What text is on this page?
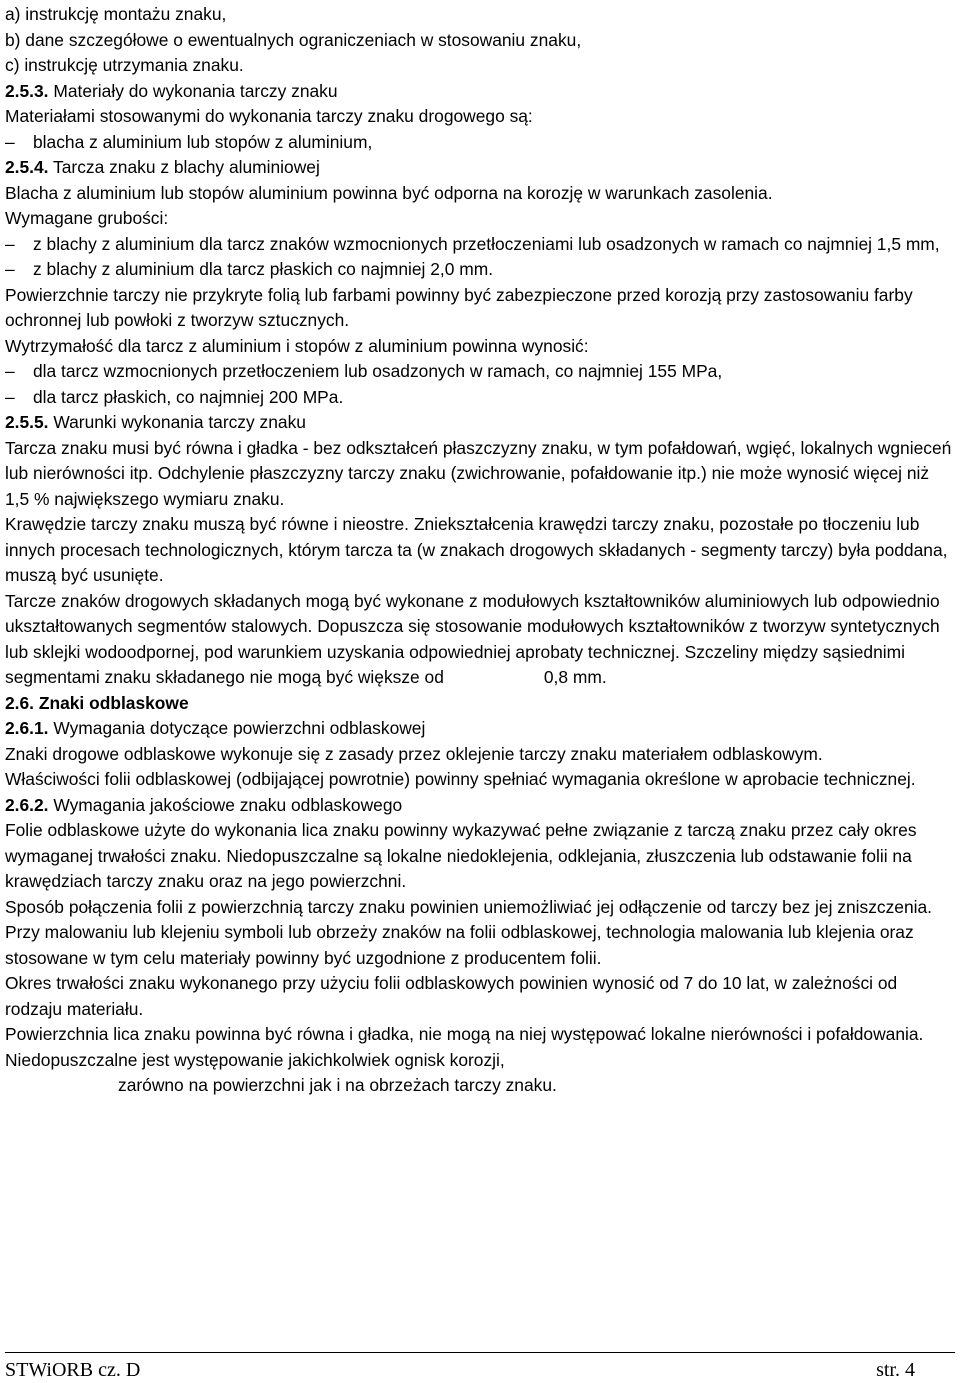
a) instrukcję montażu znaku,

b) dane szczegółowe o ewentualnych ograniczeniach w stosowaniu znaku,

c) instrukcję utrzymania znaku.

2.5.3. Materiały do wykonania tarczy znaku

Materiałami stosowanymi do wykonania tarczy znaku drogowego są:

– blacha z aluminium lub stopów z aluminium,

2.5.4. Tarcza znaku z blachy aluminiowej

Blacha z aluminium lub stopów aluminium powinna być odporna na korozję w warunkach zasolenia.

Wymagane grubości:

– z blachy z aluminium dla tarcz znaków wzmocnionych przetłoczeniami lub osadzonych w ramach co najmniej 1,5 mm,

– z blachy z aluminium dla tarcz płaskich co najmniej 2,0 mm.

Powierzchnie tarczy nie przykryte folią lub farbami powinny być zabezpieczone przed korozją przy zastosowaniu farby ochronnej lub powłoki z tworzyw sztucznych.

Wytrzymałość dla tarcz z aluminium i stopów z aluminium powinna wynosić:

– dla tarcz wzmocnionych przetłoczeniem lub osadzonych w ramach, co najmniej 155 MPa,

– dla tarcz płaskich, co najmniej 200 MPa.

2.5.5. Warunki wykonania tarczy znaku

Tarcza znaku musi być równa i gładka - bez odkształceń płaszczyzny znaku, w tym pofałdowań, wgięć, lokalnych wgnieceń lub nierówności itp. Odchylenie płaszczyzny tarczy znaku (zwichrowanie, pofałdowanie itp.) nie może wynosić więcej niż 1,5 % największego wymiaru znaku.

Krawędzie tarczy znaku muszą być równe i nieostre. Zniekształcenia krawędzi tarczy znaku, pozostałe po tłoczeniu lub innych procesach technologicznych, którym tarcza ta (w znakach drogowych składanych - segmenty tarczy) była poddana, muszą być usunięte.

Tarcze znaków drogowych składanych mogą być wykonane z modułowych kształtowników aluminiowych lub odpowiednio ukształtowanych segmentów stalowych. Dopuszcza się stosowanie modułowych kształtowników z tworzyw syntetycznych lub sklejki wodoodpornej, pod warunkiem uzyskania odpowiedniej aprobaty technicznej. Szczeliny między sąsiednimi segmentami znaku składanego nie mogą być większe od	0,8 mm.

2.6. Znaki odblaskowe

2.6.1. Wymagania dotyczące powierzchni odblaskowej

Znaki drogowe odblaskowe wykonuje się z zasady przez oklejenie tarczy znaku materiałem odblaskowym.

Właściwości folii odblaskowej (odbijającej powrotnie) powinny spełniać wymagania określone w aprobacie technicznej.

2.6.2. Wymagania jakościowe znaku odblaskowego

Folie odblaskowe użyte do wykonania lica znaku powinny wykazywać pełne związanie z tarczą znaku przez cały okres wymaganej trwałości znaku. Niedopuszczalne są lokalne niedoklejenia, odklejania, złuszczenia lub odstawanie folii na krawędziach tarczy znaku oraz na jego powierzchni.

Sposób połączenia folii z powierzchnią tarczy znaku powinien uniemożliwiać jej odłączenie od tarczy bez jej zniszczenia.

Przy malowaniu lub klejeniu symboli lub obrzeży znaków na folii odblaskowej, technologia malowania lub klejenia oraz stosowane w tym celu materiały powinny być uzgodnione z producentem folii.

Okres trwałości znaku wykonanego przy użyciu folii odblaskowych powinien wynosić od 7 do 10 lat, w zależności od rodzaju materiału.

Powierzchnia lica znaku powinna być równa i gładka, nie mogą na niej występować lokalne nierówności i pofałdowania. Niedopuszczalne jest występowanie jakichkolwiek ognisk korozji,

zarówno na powierzchni jak i na obrzeżach tarczy znaku.

STWiORB cz. D	str. 4
